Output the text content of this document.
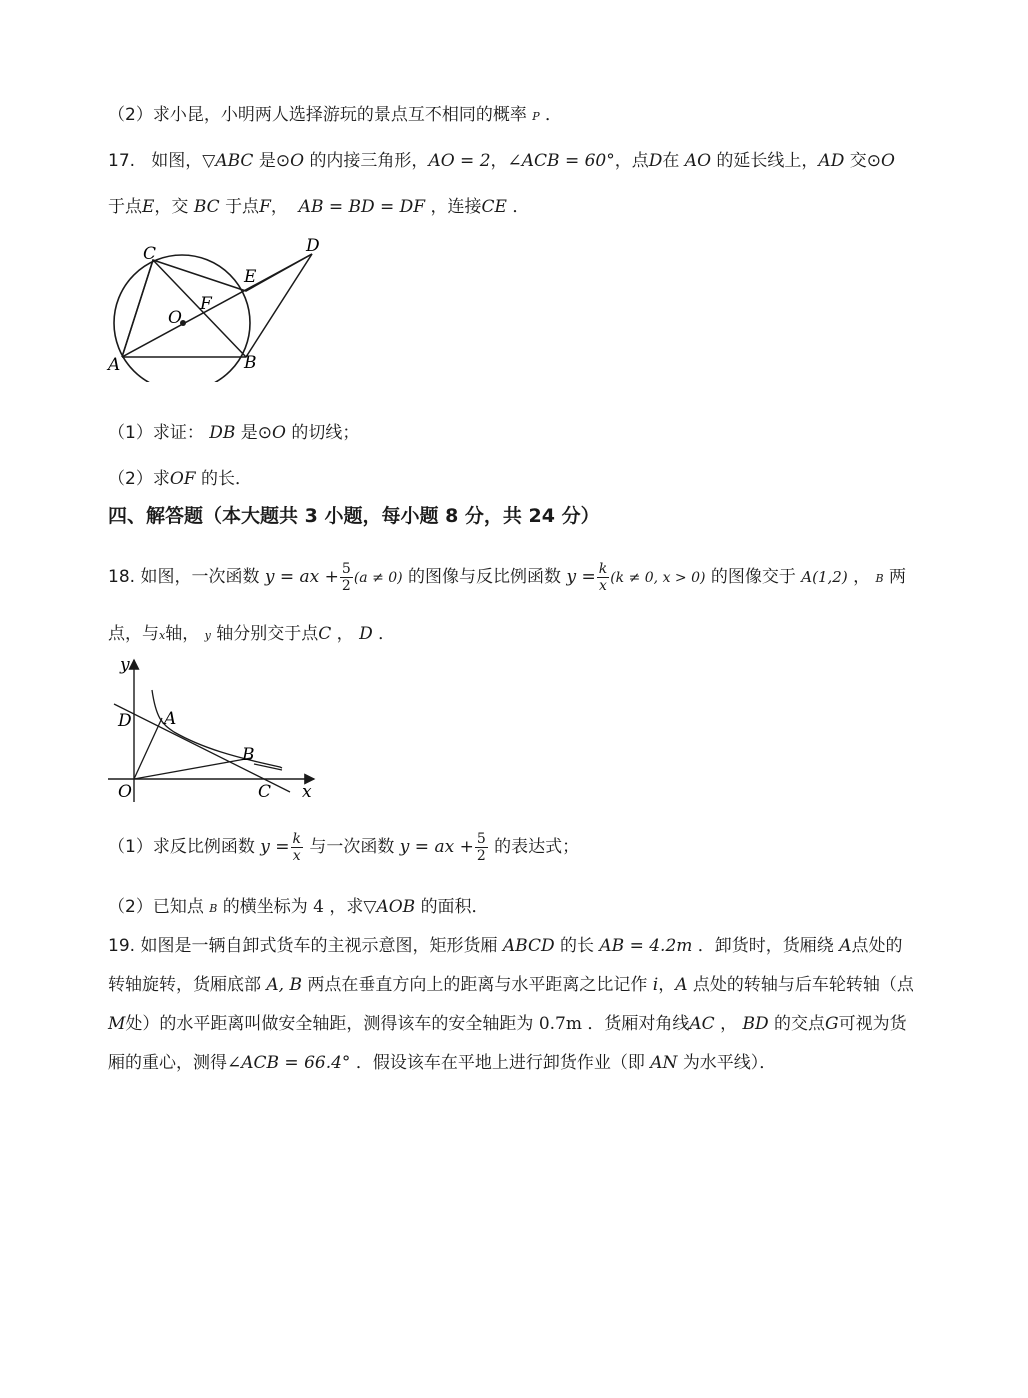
（2）求小昆，小明两人选择游玩的景点互不相同的概率 P ．
17. 如图，▽ABC 是⊙O 的内接三角形，AO = 2，∠ACB = 60°，点D在 AO 的延长线上，AD 交⊙O
于点E，交 BC 于点F， AB = BD = DF ，连接CE ．
C	D
E
F
O
A	B
（1）求证： DB 是⊙O 的切线；
（2）求OF 的长．
四、解答题（本大题共 3 小题，每小题 8 分，共 24 分）
18. 如图，一次函数 y = ax + $\frac{5}{2} (a \ne 0)$ 的图像与反比例函数 $y = \frac{k}{x} (k \ne 0$, x > 0) 的图像交于 A(1,2) ， B 两
点，与x轴， y 轴分别交于点C ， D ．
y
D A
B
O	C x
（1）求反比例函数 $y = \frac{k}{x}$ 与一次函数 y = ax + $\frac{5}{2}$ 的表达式；
（2）已知点 B 的横坐标为 4 ，求▽AOB 的面积．
19. 如图是一辆自卸式货车的主视示意图，矩形货厢 ABCD 的长 AB = 4.2m ．卸货时，货厢绕 A点处的
转轴旋转，货厢底部 A, B 两点在垂直方向上的距离与水平距离之比记作 i，A 点处的转轴与后车轮转轴（点
M处）的水平距离叫做安全轴距，测得该车的安全轴距为 0.7m ．货厢对角线AC ， BD 的交点G可视为货
厢的重心，测得∠ACB = 66.4° ．假设该车在平地上进行卸货作业（即 AN 为水平线）．
